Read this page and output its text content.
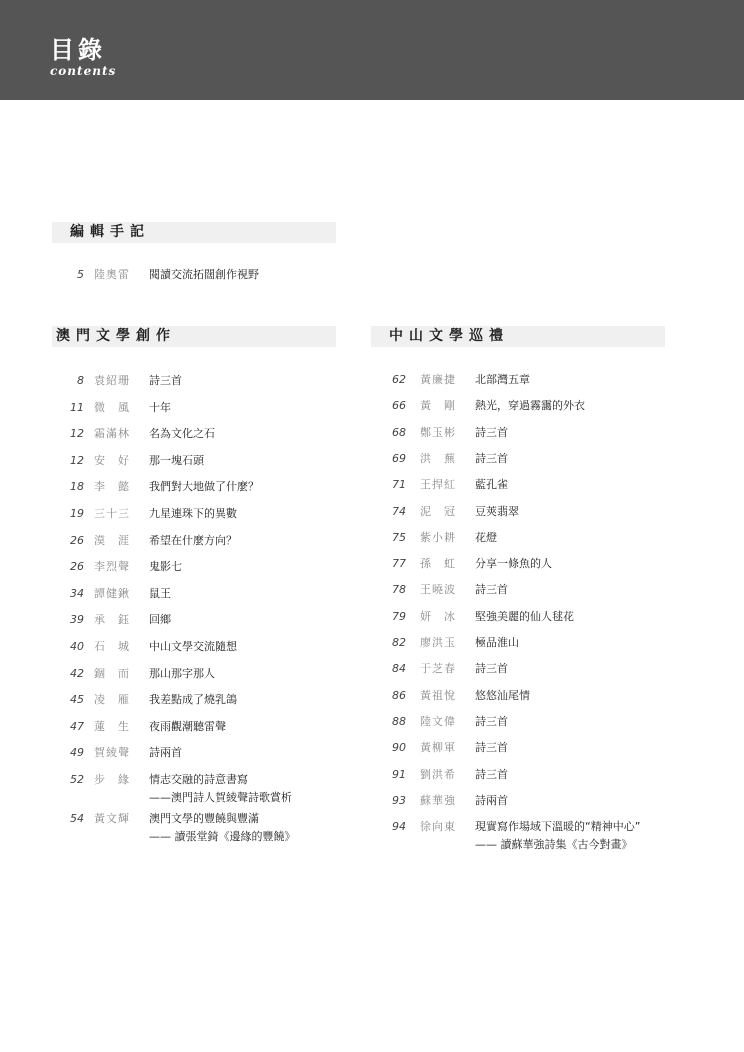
目錄
contents
編輯手記
澳門文學創作	中山文學巡禮
5 陸奧雷 閱讀交流拓闊創作視野
8 袁紹珊 詩三首
11 微　風 十年
12 霜滿林 名為文化之石
12 安　好 那一塊石頭
18 李　懿 我們對大地做了什麼？
19 三十三 九星連珠下的異數
26 漠　涯 希望在什麼方向？
26 李烈聲 鬼影七
34 譚健鍬 鼠王
39 承　鈺 回鄉
40 石　城 中山文學交流隨想
42 錮　而 那山那字那人
45 凌　雁 我差點成了燒乳鴿
47 蓮　生 夜雨觀潮聽雷聲
49 賀綾聲 詩兩首
52 步　緣 情志交融的詩意書寫
——澳門詩人賀綾聲詩歌賞析
54 黃文輝 澳門文學的豐饒與豐滿
—— 讀張堂錡《邊緣的豐饒》
62 黃廉捷 北部灣五章
66 黃　剛 熱光，穿過霧靄的外衣
68 鄭玉彬 詩三首
69 洪　蕪 詩三首
71 王捍紅 藍孔雀
74 泥　冠 豆莢翡翠
75 紫小耕 花燈
77 孫　虹 分享一條魚的人
78 王曉波 詩三首
79 妍　冰 堅強美麗的仙人毬花
82 廖洪玉 極品淮山
84 于芝春 詩三首
86 黃祖悅 悠悠汕尾情
88 陸文偉 詩三首
90 黃柳軍 詩三首
91 劉洪希 詩三首
93 蘇華強 詩兩首
94 徐向東 現實寫作場域下溫暖的“精神中心”
—— 讀蘇華強詩集《古今對畫》
